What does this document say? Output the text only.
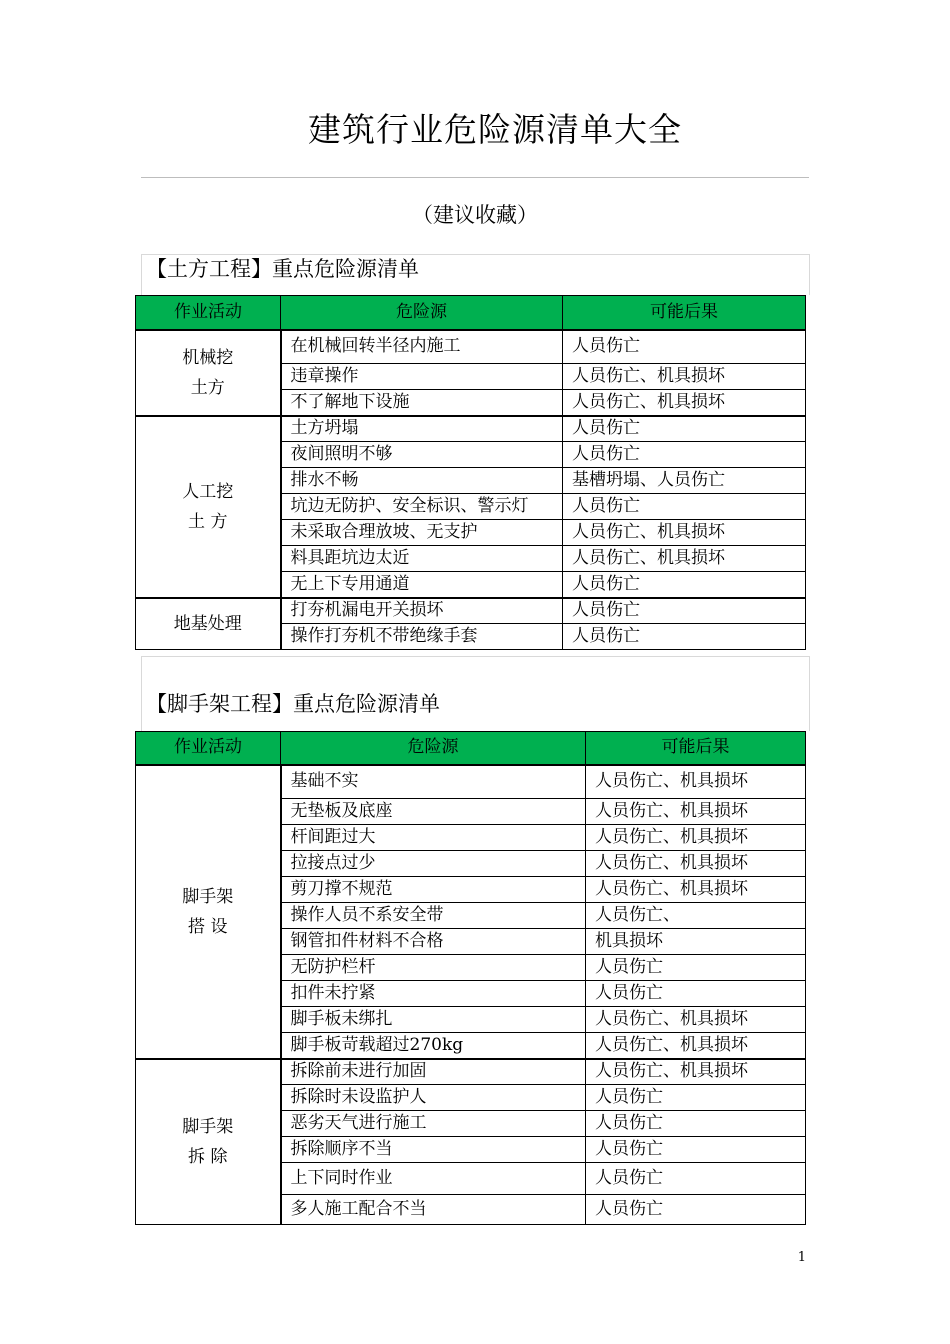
建筑行业危险源清单大全
（建议收藏）
【土方工程】重点危险源清单
作业活动	危险源	可能后果

机械挖
土方	在机械回转半径内施工	人员伤亡
	违章操作	人员伤亡、机具损坏
	不了解地下设施	人员伤亡、机具损坏

人工挖
土 方	土方坍塌	人员伤亡
	夜间照明不够	人员伤亡
	排水不畅	基槽坍塌、人员伤亡
	坑边无防护、安全标识、警示灯	人员伤亡
	未采取合理放坡、无支护	人员伤亡、机具损坏
	料具距坑边太近	人员伤亡、机具损坏
	无上下专用通道	人员伤亡

地基处理	打夯机漏电开关损坏	人员伤亡
	操作打夯机不带绝缘手套	人员伤亡
【脚手架工程】重点危险源清单
作业活动	危险源	可能后果

脚手架
搭 设	基础不实	人员伤亡、机具损坏
	无垫板及底座	人员伤亡、机具损坏
	杆间距过大	人员伤亡、机具损坏
	拉接点过少	人员伤亡、机具损坏
	剪刀撑不规范	人员伤亡、机具损坏
	操作人员不系安全带	人员伤亡、
	钢管扣件材料不合格	机具损坏
	无防护栏杆	人员伤亡
	扣件未拧紧	人员伤亡
	脚手板未绑扎	人员伤亡、机具损坏
	脚手板苛载超过270kg	人员伤亡、机具损坏

脚手架
拆 除	拆除前未进行加固	人员伤亡、机具损坏
	拆除时未设监护人	人员伤亡
	恶劣天气进行施工	人员伤亡
	拆除顺序不当	人员伤亡
	上下同时作业	人员伤亡
	多人施工配合不当	人员伤亡
1
